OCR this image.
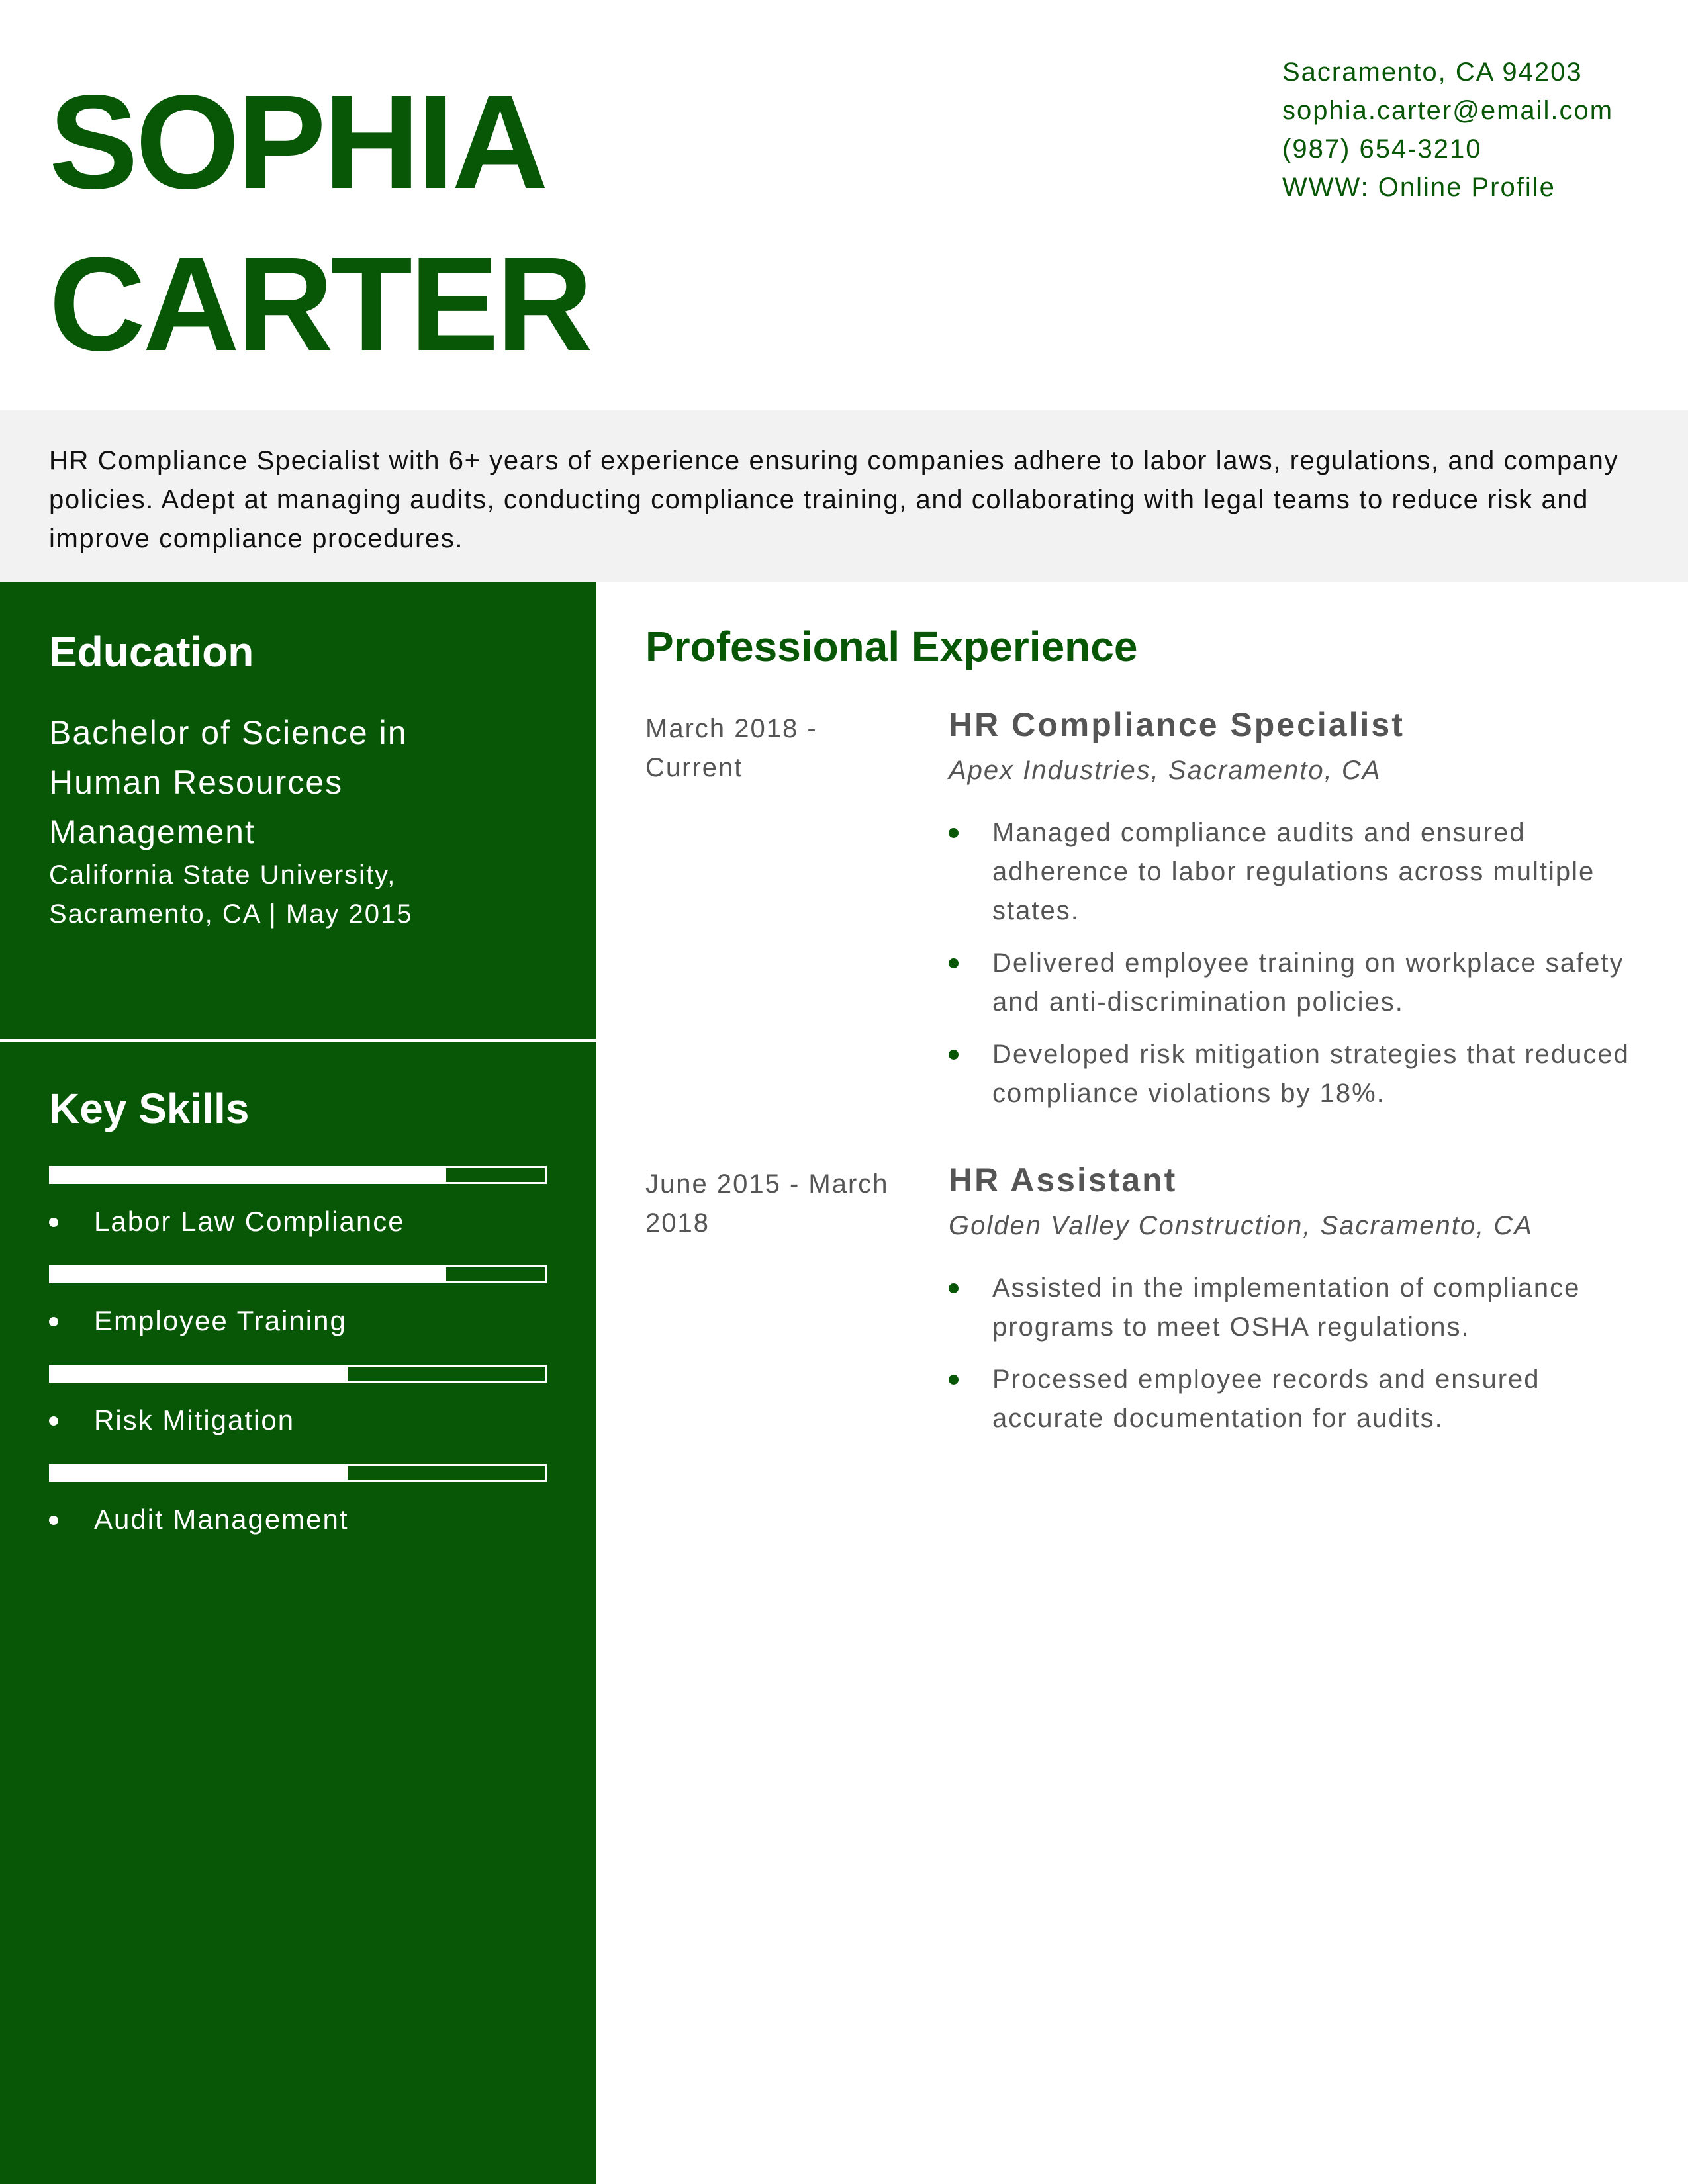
SOPHIA
CARTER
Sacramento, CA 94203
sophia.carter@email.com
(987) 654-3210
WWW: Online Profile

HR Compliance Specialist with 6+ years of experience ensuring companies adhere to labor laws, regulations, and company policies. Adept at managing audits, conducting compliance training, and collaborating with legal teams to reduce risk and improve compliance procedures.

Education
Bachelor of Science in
Human Resources
Management
California State University,
Sacramento, CA | May 2015
Key Skills
Labor Law Compliance
Employee Training
Risk Mitigation
Audit Management
Professional Experience
March 2018 -
Current
HR Compliance Specialist
Apex Industries, Sacramento, CA
Managed compliance audits and ensured adherence to labor regulations across multiple states.
Delivered employee training on workplace safety and anti-discrimination policies.
Developed risk mitigation strategies that reduced compliance violations by 18%.
June 2015 - March
2018
HR Assistant
Golden Valley Construction, Sacramento, CA
Assisted in the implementation of compliance programs to meet OSHA regulations.
Processed employee records and ensured accurate documentation for audits.
